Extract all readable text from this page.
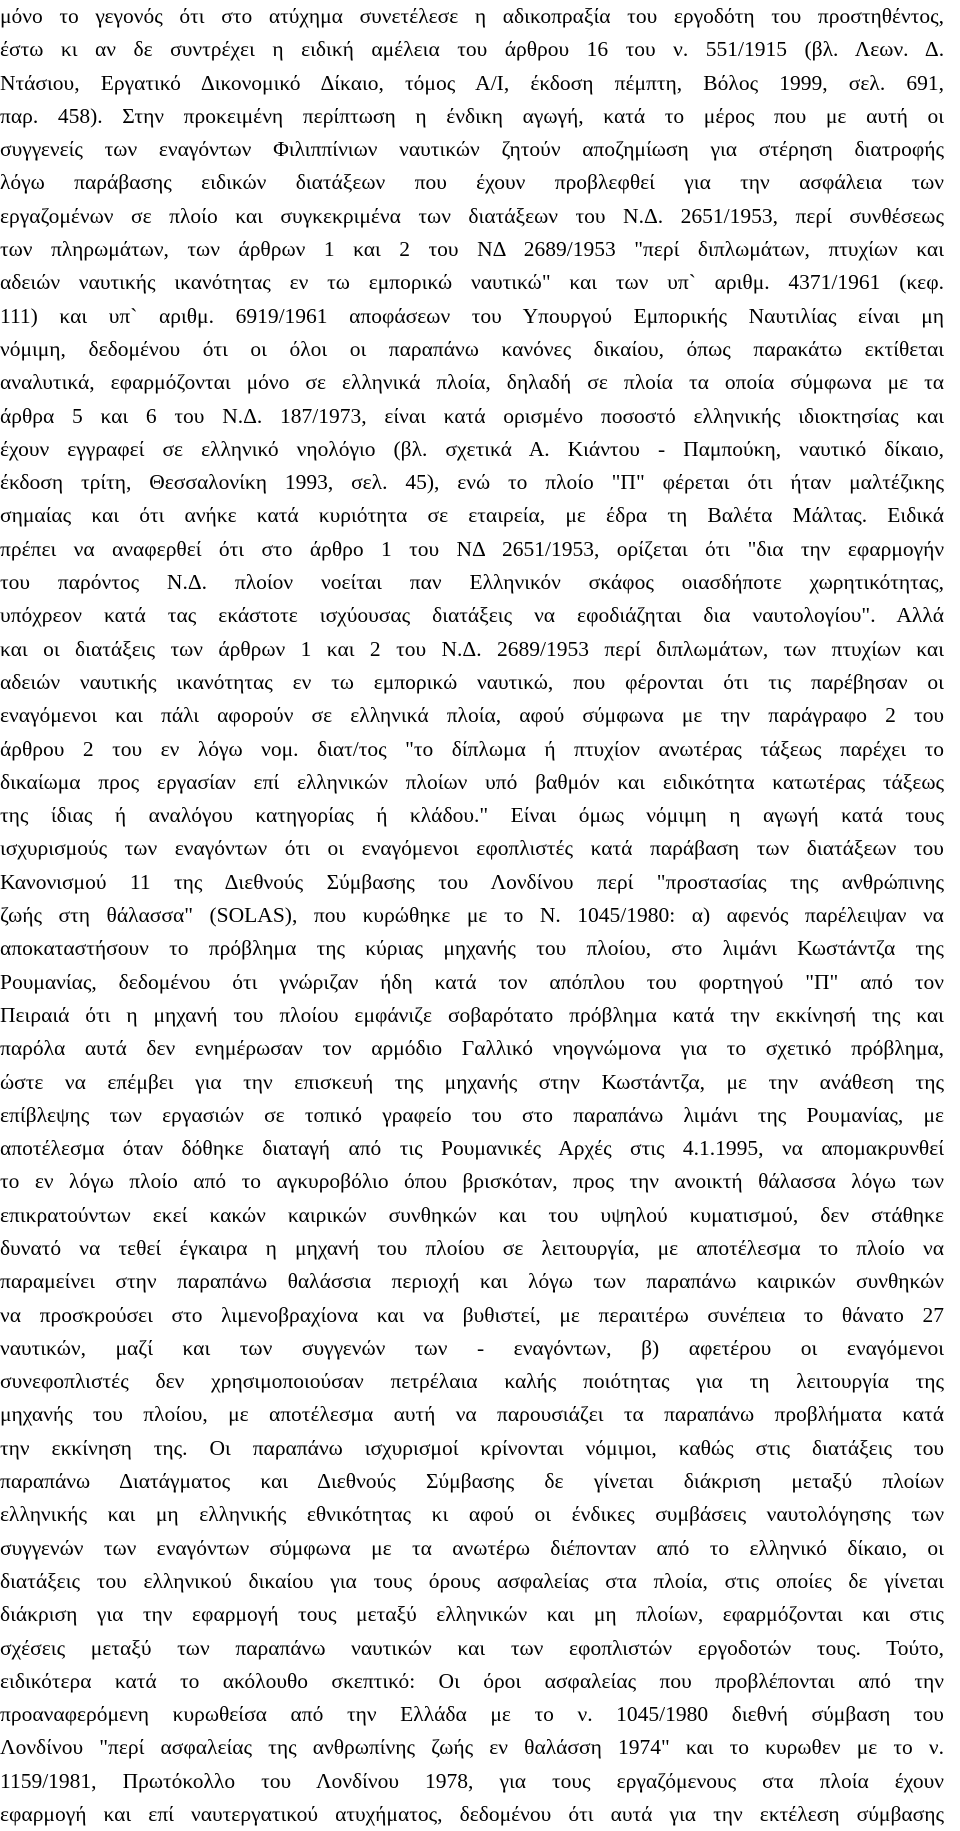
μόνο το γεγονός ότι στο ατύχημα συνετέλεσε η αδικοπραξία του εργοδότη του προστηθέντος,
έστω κι αν δε συντρέχει η ειδική αμέλεια του άρθρου 16 του ν. 551/1915 (βλ. Λεων. Δ.
Ντάσιου, Εργατικό Δικονομικό Δίκαιο, τόμος Α/Ι, έκδοση πέμπτη, Βόλος 1999, σελ. 691,
παρ. 458). Στην προκειμένη περίπτωση η ένδικη αγωγή, κατά το μέρος που με αυτή οι
συγγενείς των εναγόντων Φιλιππίνιων ναυτικών ζητούν αποζημίωση για στέρηση διατροφής
λόγω παράβασης ειδικών διατάξεων που έχουν προβλεφθεί για την ασφάλεια των
εργαζομένων σε πλοίο και συγκεκριμένα των διατάξεων του Ν.Δ. 2651/1953, περί συνθέσεως
των πληρωμάτων, των άρθρων 1 και 2 του ΝΔ 2689/1953 "περί διπλωμάτων, πτυχίων και
αδειών ναυτικής ικανότητας εν τω εμπορικώ ναυτικώ" και των υπ` αριθμ. 4371/1961 (κεφ.
111) και υπ` αριθμ. 6919/1961 αποφάσεων του Υπουργού Εμπορικής Ναυτιλίας είναι μη
νόμιμη, δεδομένου ότι οι όλοι οι παραπάνω κανόνες δικαίου, όπως παρακάτω εκτίθεται
αναλυτικά, εφαρμόζονται μόνο σε ελληνικά πλοία, δηλαδή σε πλοία τα οποία σύμφωνα με τα
άρθρα 5 και 6 του Ν.Δ. 187/1973, είναι κατά ορισμένο ποσοστό ελληνικής ιδιοκτησίας και
έχουν εγγραφεί σε ελληνικό νηολόγιο (βλ. σχετικά Α. Κιάντου - Παμπούκη, ναυτικό δίκαιο,
έκδοση τρίτη, Θεσσαλονίκη 1993, σελ. 45), ενώ το πλοίο "Π" φέρεται ότι ήταν μαλτέζικης
σημαίας και ότι ανήκε κατά κυριότητα σε εταιρεία, με έδρα τη Βαλέτα Μάλτας. Ειδικά
πρέπει να αναφερθεί ότι στο άρθρο 1 του ΝΔ 2651/1953, ορίζεται ότι "δια την εφαρμογήν
του παρόντος Ν.Δ. πλοίον νοείται παν Ελληνικόν σκάφος οιασδήποτε χωρητικότητας,
υπόχρεον κατά τας εκάστοτε ισχύουσας διατάξεις να εφοδιάζηται δια ναυτολογίου". Αλλά
και οι διατάξεις των άρθρων 1 και 2 του Ν.Δ. 2689/1953 περί διπλωμάτων, των πτυχίων και
αδειών ναυτικής ικανότητας εν τω εμπορικώ ναυτικώ, που φέρονται ότι τις παρέβησαν οι
εναγόμενοι και πάλι αφορούν σε ελληνικά πλοία, αφού σύμφωνα με την παράγραφο 2 του
άρθρου 2 του εν λόγω νομ. διατ/τος "το δίπλωμα ή πτυχίον ανωτέρας τάξεως παρέχει το
δικαίωμα προς εργασίαν επί ελληνικών πλοίων υπό βαθμόν και ειδικότητα κατωτέρας τάξεως
της ίδιας ή αναλόγου κατηγορίας ή κλάδου." Είναι όμως νόμιμη η αγωγή κατά τους
ισχυρισμούς των εναγόντων ότι οι εναγόμενοι εφοπλιστές κατά παράβαση των διατάξεων του
Κανονισμού 11 της Διεθνούς Σύμβασης του Λονδίνου περί "προστασίας της ανθρώπινης
ζωής στη θάλασσα" (SOLAS), που κυρώθηκε με το Ν. 1045/1980: α) αφενός παρέλειψαν να
αποκαταστήσουν το πρόβλημα της κύριας μηχανής του πλοίου, στο λιμάνι Κωστάντζα της
Ρουμανίας, δεδομένου ότι γνώριζαν ήδη κατά τον απόπλου του φορτηγού "Π" από τον
Πειραιά ότι η μηχανή του πλοίου εμφάνιζε σοβαρότατο πρόβλημα κατά την εκκίνησή της και
παρόλα αυτά δεν ενημέρωσαν τον αρμόδιο Γαλλικό νηογνώμονα για το σχετικό πρόβλημα,
ώστε να επέμβει για την επισκευή της μηχανής στην Κωστάντζα, με την ανάθεση της
επίβλεψης των εργασιών σε τοπικό γραφείο του στο παραπάνω λιμάνι της Ρουμανίας, με
αποτέλεσμα όταν δόθηκε διαταγή από τις Ρουμανικές Αρχές στις 4.1.1995, να απομακρυνθεί
το εν λόγω πλοίο από το αγκυροβόλιο όπου βρισκόταν, προς την ανοικτή θάλασσα λόγω των
επικρατούντων εκεί κακών καιρικών συνθηκών και του υψηλού κυματισμού, δεν στάθηκε
δυνατό να τεθεί έγκαιρα η μηχανή του πλοίου σε λειτουργία, με αποτέλεσμα το πλοίο να
παραμείνει στην παραπάνω θαλάσσια περιοχή και λόγω των παραπάνω καιρικών συνθηκών
να προσκρούσει στο λιμενοβραχίονα και να βυθιστεί, με περαιτέρω συνέπεια το θάνατο 27
ναυτικών, μαζί και των συγγενών των - εναγόντων, β) αφετέρου οι εναγόμενοι
συνεφοπλιστές δεν χρησιμοποιούσαν πετρέλαια καλής ποιότητας για τη λειτουργία της
μηχανής του πλοίου, με αποτέλεσμα αυτή να παρουσιάζει τα παραπάνω προβλήματα κατά
την εκκίνηση της. Οι παραπάνω ισχυρισμοί κρίνονται νόμιμοι, καθώς στις διατάξεις του
παραπάνω Διατάγματος και Διεθνούς Σύμβασης δε γίνεται διάκριση μεταξύ πλοίων
ελληνικής και μη ελληνικής εθνικότητας κι αφού οι ένδικες συμβάσεις ναυτολόγησης των
συγγενών των εναγόντων σύμφωνα με τα ανωτέρω διέπονταν από το ελληνικό δίκαιο, οι
διατάξεις του ελληνικού δικαίου για τους όρους ασφαλείας στα πλοία, στις οποίες δε γίνεται
διάκριση για την εφαρμογή τους μεταξύ ελληνικών και μη πλοίων, εφαρμόζονται και στις
σχέσεις μεταξύ των παραπάνω ναυτικών και των εφοπλιστών εργοδοτών τους. Τούτο,
ειδικότερα κατά το ακόλουθο σκεπτικό: Οι όροι ασφαλείας που προβλέπονται από την
προαναφερόμενη κυρωθείσα από την Ελλάδα με το ν. 1045/1980 διεθνή σύμβαση του
Λονδίνου "περί ασφαλείας της ανθρωπίνης ζωής εν θαλάσση 1974" και το κυρωθεν με το ν.
1159/1981, Πρωτόκολλο του Λονδίνου 1978, για τους εργαζόμενους στα πλοία έχουν
εφαρμογή και επί ναυτεργατικού ατυχήματος, δεδομένου ότι αυτά για την εκτέλεση σύμβασης
